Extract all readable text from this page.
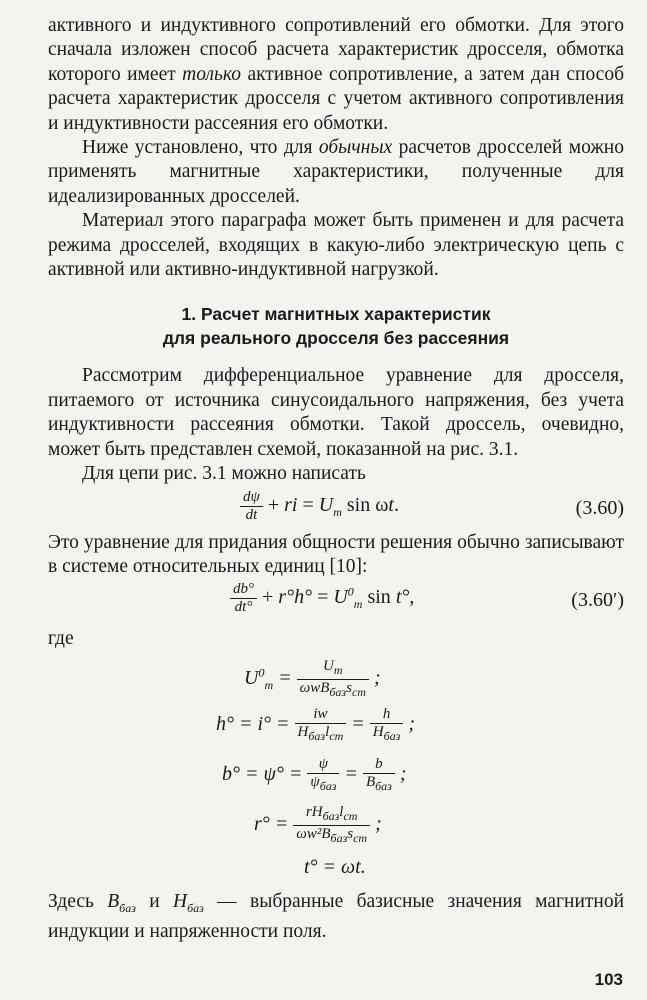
активного и индуктивного сопротивлений его обмотки. Для этого сначала изложен способ расчета характеристик дросселя, обмотка которого имеет только активное сопротивление, а затем дан способ расчета характеристик дросселя с учетом активного сопротивления и индуктивности рассеяния его обмотки.

Ниже установлено, что для обычных расчетов дросселей можно применять магнитные характеристики, полученные для идеализированных дросселей.

Материал этого параграфа может быть применен и для расчета режима дросселей, входящих в какую-либо электрическую цепь с активной или активно-индуктивной нагрузкой.

1. Расчет магнитных характеристик
для реального дросселя без рассеяния

Рассмотрим дифференциальное уравнение для дросселя, питаемого от источника синусоидального напряжения, без учета индуктивности рассеяния обмотки. Такой дроссель, очевидно, может быть представлен схемой, показанной на рис. 3.1.

Для цепи рис. 3.1 можно написать

$\frac{d\psi}{dt}$ + ri = $U_m$ sin ωt.	(3.60)

Это уравнение для придания общности решения обычно записывают в системе относительных единиц [10]:

$\frac{db^\circ}{dt^\circ} + r^\circ h^\circ = U^0_m$ sin t°,	(3.60′)

где

$U^0_m = \frac{U_m}{\omega wB_{баз}s_{ст}}$ ;
$h^\circ = i^\circ = \frac{iw}{H_{баз}l_{ст}} = \frac{h}{H_{баз}}$ ;
$b^\circ = \psi^\circ = \frac{\psi}{\psi_{баз}} = \frac{b}{B_{баз}}$ ;
$r^\circ = \frac{rH_{баз}l_{ст}}{\omega w^2B_{баз}s_{ст}}$ ;
t° = ωt.

Здесь $B_{баз}$ и $H_{баз}$ — выбранные базисные значения магнитной индукции и напряженности поля.

103
